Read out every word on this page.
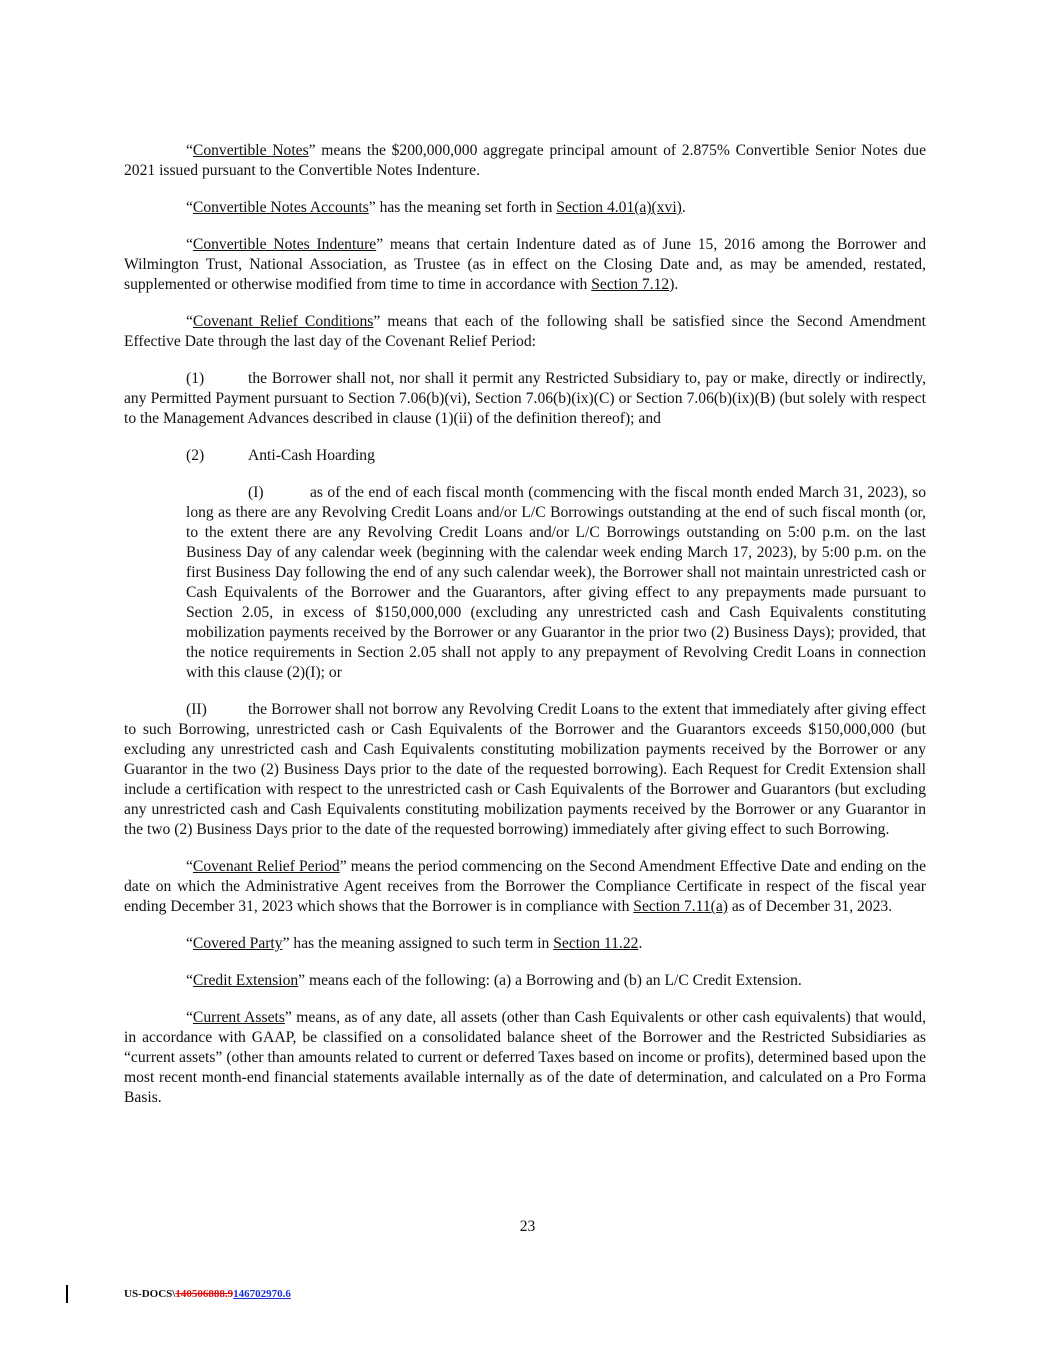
“Convertible Notes” means the $200,000,000 aggregate principal amount of 2.875% Convertible Senior Notes due 2021 issued pursuant to the Convertible Notes Indenture.

“Convertible Notes Accounts” has the meaning set forth in Section 4.01(a)(xvi).

“Convertible Notes Indenture” means that certain Indenture dated as of June 15, 2016 among the Borrower and Wilmington Trust, National Association, as Trustee (as in effect on the Closing Date and, as may be amended, restated, supplemented or otherwise modified from time to time in accordance with Section 7.12).

“Covenant Relief Conditions” means that each of the following shall be satisfied since the Second Amendment Effective Date through the last day of the Covenant Relief Period:

(1)	the Borrower shall not, nor shall it permit any Restricted Subsidiary to, pay or make, directly or indirectly, any Permitted Payment pursuant to Section 7.06(b)(vi), Section 7.06(b)(ix)(C) or Section 7.06(b)(ix)(B) (but solely with respect to the Management Advances described in clause (1)(ii) of the definition thereof); and

(2)	Anti-Cash Hoarding

(I)	as of the end of each fiscal month (commencing with the fiscal month ended March 31, 2023), so long as there are any Revolving Credit Loans and/or L/C Borrowings outstanding at the end of such fiscal month (or, to the extent there are any Revolving Credit Loans and/or L/C Borrowings outstanding on 5:00 p.m. on the last Business Day of any calendar week (beginning with the calendar week ending March 17, 2023), by 5:00 p.m. on the first Business Day following the end of any such calendar week), the Borrower shall not maintain unrestricted cash or Cash Equivalents of the Borrower and the Guarantors, after giving effect to any prepayments made pursuant to Section 2.05, in excess of $150,000,000 (excluding any unrestricted cash and Cash Equivalents constituting mobilization payments received by the Borrower or any Guarantor in the prior two (2) Business Days); provided, that the notice requirements in Section 2.05 shall not apply to any prepayment of Revolving Credit Loans in connection with this clause (2)(I); or

(II)	the Borrower shall not borrow any Revolving Credit Loans to the extent that immediately after giving effect to such Borrowing, unrestricted cash or Cash Equivalents of the Borrower and the Guarantors exceeds $150,000,000 (but excluding any unrestricted cash and Cash Equivalents constituting mobilization payments received by the Borrower or any Guarantor in the two (2) Business Days prior to the date of the requested borrowing). Each Request for Credit Extension shall include a certification with respect to the unrestricted cash or Cash Equivalents of the Borrower and Guarantors (but excluding any unrestricted cash and Cash Equivalents constituting mobilization payments received by the Borrower or any Guarantor in the two (2) Business Days prior to the date of the requested borrowing) immediately after giving effect to such Borrowing.

“Covenant Relief Period” means the period commencing on the Second Amendment Effective Date and ending on the date on which the Administrative Agent receives from the Borrower the Compliance Certificate in respect of the fiscal year ending December 31, 2023 which shows that the Borrower is in compliance with Section 7.11(a) as of December 31, 2023.

“Covered Party” has the meaning assigned to such term in Section 11.22.

“Credit Extension” means each of the following: (a) a Borrowing and (b) an L/C Credit Extension.

“Current Assets” means, as of any date, all assets (other than Cash Equivalents or other cash equivalents) that would, in accordance with GAAP, be classified on a consolidated balance sheet of the Borrower and the Restricted Subsidiaries as “current assets” (other than amounts related to current or deferred Taxes based on income or profits), determined based upon the most recent month-end financial statements available internally as of the date of determination, and calculated on a Pro Forma Basis.

23
US-DOCS\140506888.9146702970.6
